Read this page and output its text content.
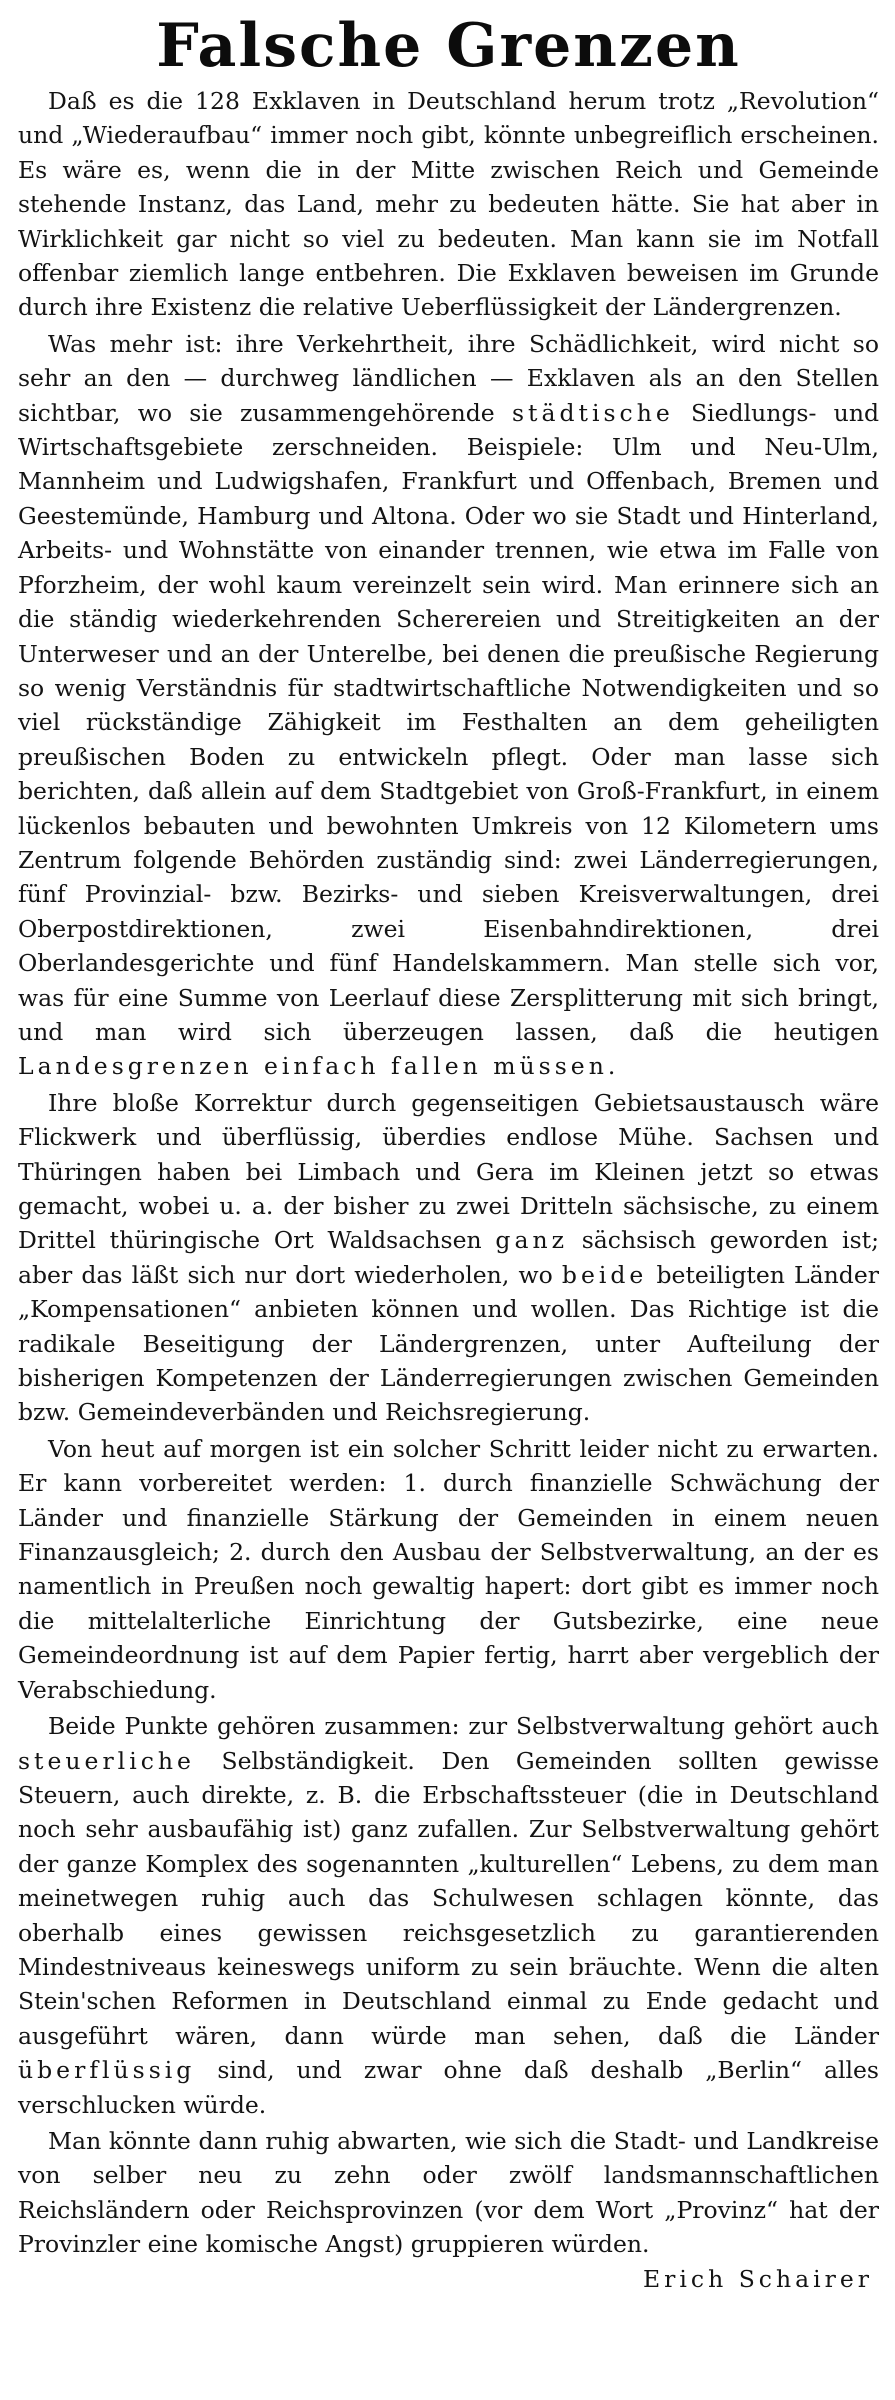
Falsche Grenzen

Daß es die 128 Exklaven in Deutschland herum trotz „Revolution“ und „Wiederaufbau“ immer noch gibt, könnte unbegreiflich erscheinen. Es wäre es, wenn die in der Mitte zwischen Reich und Gemeinde stehende Instanz, das Land, mehr zu bedeuten hätte. Sie hat aber in Wirklichkeit gar nicht so viel zu bedeuten. Man kann sie im Notfall offenbar ziemlich lange entbehren. Die Exklaven beweisen im Grunde durch ihre Existenz die relative Ueberflüssigkeit der Ländergrenzen.

Was mehr ist: ihre Verkehrtheit, ihre Schädlichkeit, wird nicht so sehr an den — durchweg ländlichen — Exklaven als an den Stellen sichtbar, wo sie zusammengehörende städtische Siedlungs- und Wirtschaftsgebiete zerschneiden. Beispiele: Ulm und Neu-Ulm, Mannheim und Ludwigshafen, Frankfurt und Offenbach, Bremen und Geestemünde, Hamburg und Altona. Oder wo sie Stadt und Hinterland, Arbeits- und Wohnstätte von einander trennen, wie etwa im Falle von Pforzheim, der wohl kaum vereinzelt sein wird. Man erinnere sich an die ständig wiederkehrenden Scherereien und Streitigkeiten an der Unterweser und an der Unterelbe, bei denen die preußische Regierung so wenig Verständnis für stadtwirtschaftliche Notwendigkeiten und so viel rückständige Zähigkeit im Festhalten an dem geheiligten preußischen Boden zu entwickeln pflegt. Oder man lasse sich berichten, daß allein auf dem Stadtgebiet von Groß-Frankfurt, in einem lückenlos bebauten und bewohnten Umkreis von 12 Kilometern ums Zentrum folgende Behörden zuständig sind: zwei Länderregierungen, fünf Provinzial- bzw. Bezirks- und sieben Kreisverwaltungen, drei Oberpostdirektionen, zwei Eisenbahndirektionen, drei Oberlandesgerichte und fünf Handelskammern. Man stelle sich vor, was für eine Summe von Leerlauf diese Zersplitterung mit sich bringt, und man wird sich überzeugen lassen, daß die heutigen Landesgrenzen einfach fallen müssen.

Ihre bloße Korrektur durch gegenseitigen Gebietsaustausch wäre Flickwerk und überflüssig, überdies endlose Mühe. Sachsen und Thüringen haben bei Limbach und Gera im Kleinen jetzt so etwas gemacht, wobei u. a. der bisher zu zwei Dritteln sächsische, zu einem Drittel thüringische Ort Waldsachsen ganz sächsisch geworden ist; aber das läßt sich nur dort wiederholen, wo beide beteiligten Länder „Kompensationen“ anbieten können und wollen. Das Richtige ist die radikale Beseitigung der Ländergrenzen, unter Aufteilung der bisherigen Kompetenzen der Länderregierungen zwischen Gemeinden bzw. Gemeindeverbänden und Reichsregierung.

Von heut auf morgen ist ein solcher Schritt leider nicht zu erwarten. Er kann vorbereitet werden: 1. durch finanzielle Schwächung der Länder und finanzielle Stärkung der Gemeinden in einem neuen Finanzausgleich; 2. durch den Ausbau der Selbstverwaltung, an der es namentlich in Preußen noch gewaltig hapert: dort gibt es immer noch die mittelalterliche Einrichtung der Gutsbezirke, eine neue Gemeindeordnung ist auf dem Papier fertig, harrt aber vergeblich der Verabschiedung.

Beide Punkte gehören zusammen: zur Selbstverwaltung gehört auch steuerliche Selbständigkeit. Den Gemeinden sollten gewisse Steuern, auch direkte, z. B. die Erbschaftssteuer (die in Deutschland noch sehr ausbaufähig ist) ganz zufallen. Zur Selbstverwaltung gehört der ganze Komplex des sogenannten „kulturellen“ Lebens, zu dem man meinetwegen ruhig auch das Schulwesen schlagen könnte, das oberhalb eines gewissen reichsgesetzlich zu garantierenden Mindestniveaus keineswegs uniform zu sein bräuchte. Wenn die alten Stein'schen Reformen in Deutschland einmal zu Ende gedacht und ausgeführt wären, dann würde man sehen, daß die Länder überflüssig sind, und zwar ohne daß deshalb „Berlin“ alles verschlucken würde.

Man könnte dann ruhig abwarten, wie sich die Stadt- und Landkreise von selber neu zu zehn oder zwölf landsmannschaftlichen Reichsländern oder Reichsprovinzen (vor dem Wort „Provinz“ hat der Provinzler eine komische Angst) gruppieren würden.

Erich Schairer
